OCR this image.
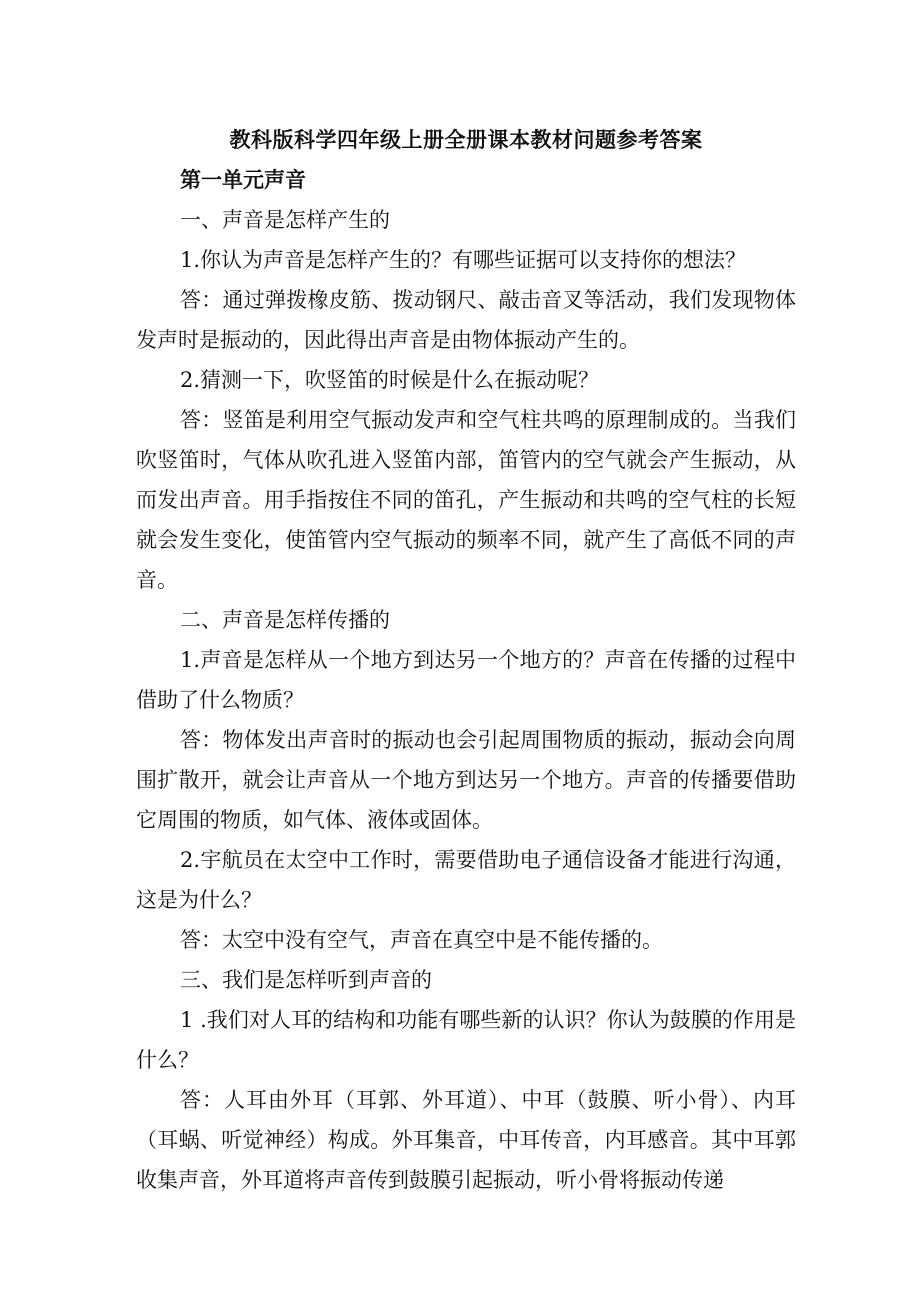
教科版科学四年级上册全册课本教材问题参考答案

第一单元声音

一、声音是怎样产生的

1.你认为声音是怎样产生的？有哪些证据可以支持你的想法？

答：通过弹拨橡皮筋、拨动钢尺、敲击音叉等活动，我们发现物体发声时是振动的，因此得出声音是由物体振动产生的。

2.猜测一下，吹竖笛的时候是什么在振动呢？

答：竖笛是利用空气振动发声和空气柱共鸣的原理制成的。当我们吹竖笛时，气体从吹孔进入竖笛内部，笛管内的空气就会产生振动，从而发出声音。用手指按住不同的笛孔，产生振动和共鸣的空气柱的长短就会发生变化，使笛管内空气振动的频率不同，就产生了高低不同的声音。

二、声音是怎样传播的

1.声音是怎样从一个地方到达另一个地方的？声音在传播的过程中借助了什么物质？

答：物体发出声音时的振动也会引起周围物质的振动，振动会向周围扩散开，就会让声音从一个地方到达另一个地方。声音的传播要借助它周围的物质，如气体、液体或固体。

2.宇航员在太空中工作时，需要借助电子通信设备才能进行沟通，这是为什么？

答：太空中没有空气，声音在真空中是不能传播的。

三、我们是怎样听到声音的

1 .我们对人耳的结构和功能有哪些新的认识？你认为鼓膜的作用是什么？

答：人耳由外耳（耳郭、外耳道）、中耳（鼓膜、听小骨）、内耳（耳蜗、听觉神经）构成。外耳集音，中耳传音，内耳感音。其中耳郭收集声音，外耳道将声音传到鼓膜引起振动，听小骨将振动传递
